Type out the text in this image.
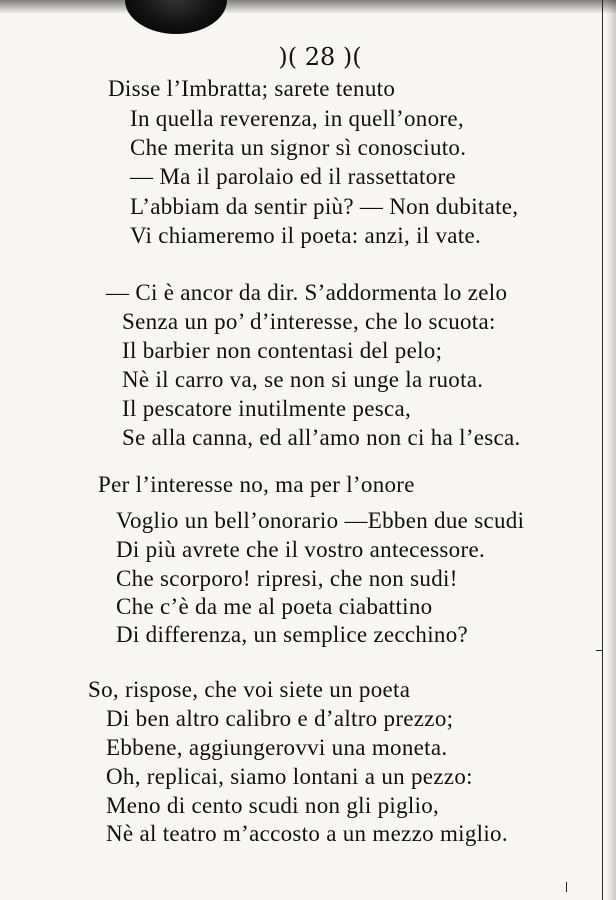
)( 28 )(
Disse l’Imbratta; sarete tenuto
In quella reverenza, in quell’onore,
Che merita un signor sì conosciuto.
— Ma il parolaio ed il rassettatore
L’abbiam da sentir più? — Non dubitate,
Vi chiameremo il poeta: anzi, il vate.
— Ci è ancor da dir. S’addormenta lo zelo
Senza un po’ d’interesse, che lo scuota:
Il barbier non contentasi del pelo;
Nè il carro va, se non si unge la ruota.
Il pescatore inutilmente pesca,
Se alla canna, ed all’amo non ci ha l’esca.
Per l’interesse no, ma per l’onore
Voglio un bell’onorario —Ebben due scudi
Di più avrete che il vostro antecessore.
Che scorporo! ripresi, che non sudi!
Che c’è da me al poeta ciabattino
Di differenza, un semplice zecchino?
So, rispose, che voi siete un poeta
Di ben altro calibro e d’altro prezzo;
Ebbene, aggiungerovvi una moneta.
Oh, replicai, siamo lontani a un pezzo:
Meno di cento scudi non gli piglio,
Nè al teatro m’accosto a un mezzo miglio.
